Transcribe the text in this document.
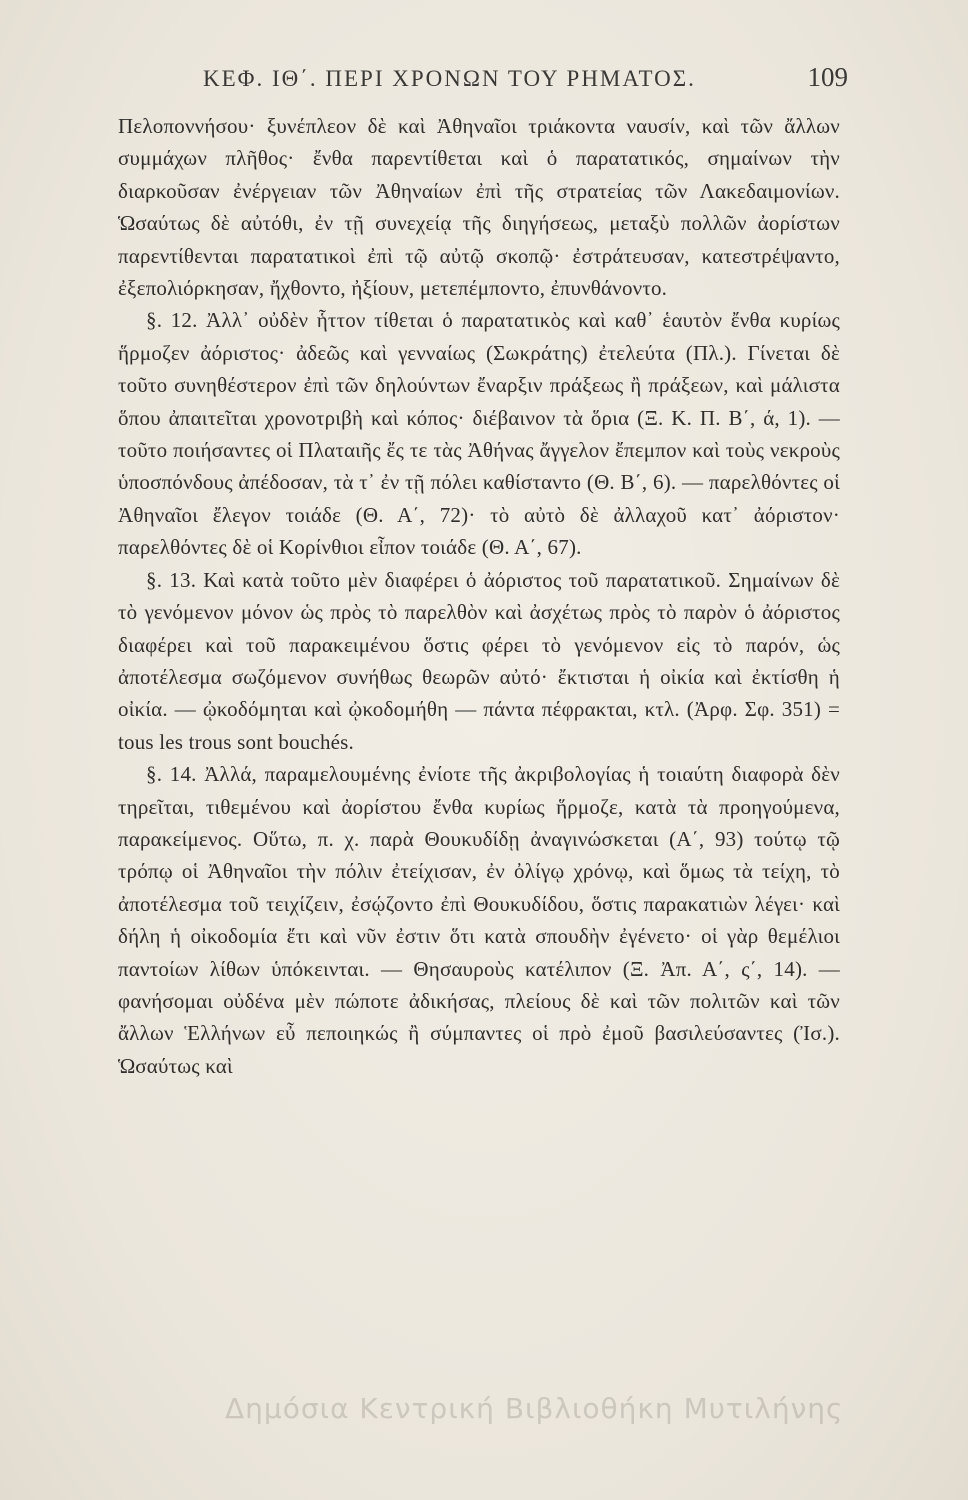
ΚΕΦ. ΙΘ΄. ΠΕΡΙ ΧΡΟΝΩΝ ΤΟΥ ΡΗΜΑΤΟΣ.	109

Πελοποννήσου· ξυνέπλεον δὲ καὶ Ἀθηναῖοι τριάκοντα ναυσίν, καὶ τῶν ἄλλων συμμάχων πλῆθος· ἔνθα παρεντίθεται καὶ ὁ παρατατικός, σημαίνων τὴν διαρκοῦσαν ἐνέργειαν τῶν Ἀθηναίων ἐπὶ τῆς στρατείας τῶν Λακεδαιμονίων. Ὡσαύτως δὲ αὐτόθι, ἐν τῇ συνεχείᾳ τῆς διηγήσεως, μεταξὺ πολλῶν ἀορίστων παρεντίθενται παρατατικοὶ ἐπὶ τῷ αὐτῷ σκοπῷ· ἐστράτευσαν, κατεστρέψαντο, ἐξεπολιόρκησαν, ἤχθοντο, ἠξίουν, μετεπέμποντο, ἐπυνθάνοντο.

§. 12. Ἀλλ᾽ οὐδὲν ἧττον τίθεται ὁ παρατατικὸς καὶ καθ᾽ ἑαυτὸν ἔνθα κυρίως ἥρμοζεν ἀόριστος· ἀδεῶς καὶ γενναίως (Σωκράτης) ἐτελεύτα (Πλ.). Γίνεται δὲ τοῦτο συνηθέστερον ἐπὶ τῶν δηλούντων ἔναρξιν πράξεως ἢ πράξεων, καὶ μάλιστα ὅπου ἀπαιτεῖται χρονοτριβὴ καὶ κόπος· διέβαινον τὰ ὅρια (Ξ. Κ. Π. Β΄, ά, 1). — τοῦτο ποιήσαντες οἱ Πλαταιῆς ἔς τε τὰς Ἀθήνας ἄγγελον ἔπεμπον καὶ τοὺς νεκροὺς ὑποσπόνδους ἀπέδοσαν, τὰ τ᾽ ἐν τῇ πόλει καθίσταντο (Θ. Β΄, 6). — παρελθόντες οἱ Ἀθηναῖοι ἔλεγον τοιάδε (Θ. Α΄, 72)· τὸ αὐτὸ δὲ ἀλλαχοῦ κατ᾽ ἀόριστον· παρελθόντες δὲ οἱ Κορίνθιοι εἶπον τοιάδε (Θ. Α΄, 67).

§. 13. Καὶ κατὰ τοῦτο μὲν διαφέρει ὁ ἀόριστος τοῦ παρατατικοῦ. Σημαίνων δὲ τὸ γενόμενον μόνον ὡς πρὸς τὸ παρελθὸν καὶ ἀσχέτως πρὸς τὸ παρὸν ὁ ἀόριστος διαφέρει καὶ τοῦ παρακειμένου ὅστις φέρει τὸ γενόμενον εἰς τὸ παρόν, ὡς ἀποτέλεσμα σωζόμενον συνήθως θεωρῶν αὐτό· ἔκτισται ἡ οἰκία καὶ ἐκτίσθη ἡ οἰκία. — ᾠκοδόμηται καὶ ᾠκοδομήθη — πάντα πέφρακται, κτλ. (Ἀρφ. Σφ. 351) = tous les trous sont bouchés.

§. 14. Ἀλλά, παραμελουμένης ἐνίοτε τῆς ἀκριβολογίας ἡ τοιαύτη διαφορὰ δὲν τηρεῖται, τιθεμένου καὶ ἀορίστου ἔνθα κυρίως ἥρμοζε, κατὰ τὰ προηγούμενα, παρακείμενος. Οὕτω, π. χ. παρὰ Θουκυδίδῃ ἀναγινώσκεται (Α΄, 93) τούτῳ τῷ τρόπῳ οἱ Ἀθηναῖοι τὴν πόλιν ἐτείχισαν, ἐν ὀλίγῳ χρόνῳ, καὶ ὅμως τὰ τείχη, τὸ ἀποτέλεσμα τοῦ τειχίζειν, ἐσῴζοντο ἐπὶ Θουκυδίδου, ὅστις παρακατιὼν λέγει· καὶ δήλη ἡ οἰκοδομία ἔτι καὶ νῦν ἐστιν ὅτι κατὰ σπουδὴν ἐγένετο· οἱ γὰρ θεμέλιοι παντοίων λίθων ὑπόκεινται. — Θησαυροὺς κατέλιπον (Ξ. Ἀπ. Α΄, ς΄, 14). — φανήσομαι οὐδένα μὲν πώποτε ἀδικήσας, πλείους δὲ καὶ τῶν πολιτῶν καὶ τῶν ἄλλων Ἑλλήνων εὖ πεποιηκώς ἢ σύμπαντες οἱ πρὸ ἐμοῦ βασιλεύσαντες (Ἰσ.). Ὡσαύτως καὶ

Δημόσια Κεντρική Βιβλιοθήκη Μυτιλήνης
